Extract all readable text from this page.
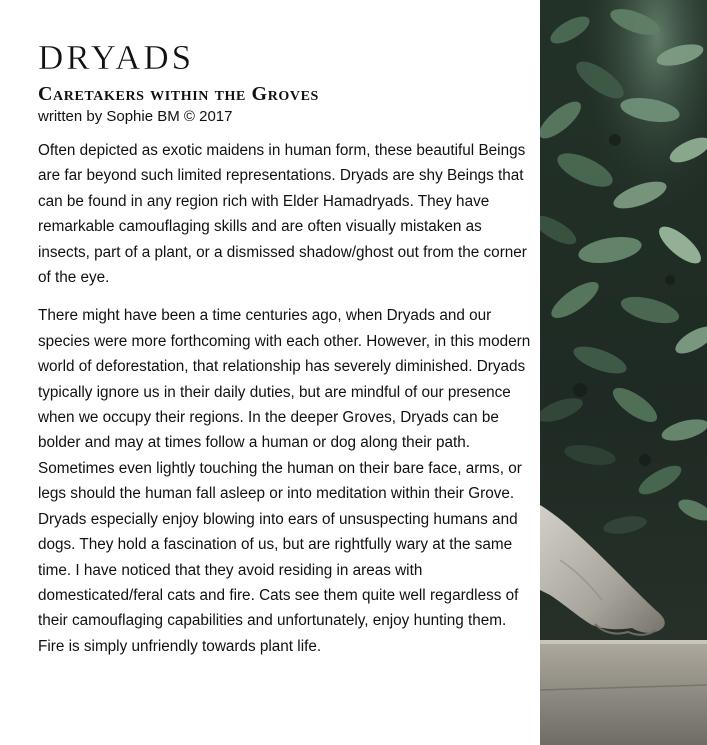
DRYADS
Caretakers within the Groves
written by Sophie BM © 2017

Often depicted as exotic maidens in human form, these beautiful Beings are far beyond such limited representations. Dryads are shy Beings that can be found in any region rich with Elder Hamadryads. They have remarkable camouflaging skills and are often visually mistaken as insects, part of a plant, or a dismissed shadow/ghost out from the corner of the eye.

There might have been a time centuries ago, when Dryads and our species were more forthcoming with each other. However, in this modern world of deforestation, that relationship has severely diminished. Dryads typically ignore us in their daily duties, but are mindful of our presence when we occupy their regions. In the deeper Groves, Dryads can be bolder and may at times follow a human or dog along their path. Sometimes even lightly touching the human on their bare face, arms, or legs should the human fall asleep or into meditation within their Grove. Dryads especially enjoy blowing into ears of unsuspecting humans and dogs. They hold a fascination of us, but are rightfully wary at the same time. I have noticed that they avoid residing in areas with domesticated/feral cats and fire. Cats see them quite well regardless of their camouflaging capabilities and unfortunately, enjoy hunting them. Fire is simply unfriendly towards plant life.
